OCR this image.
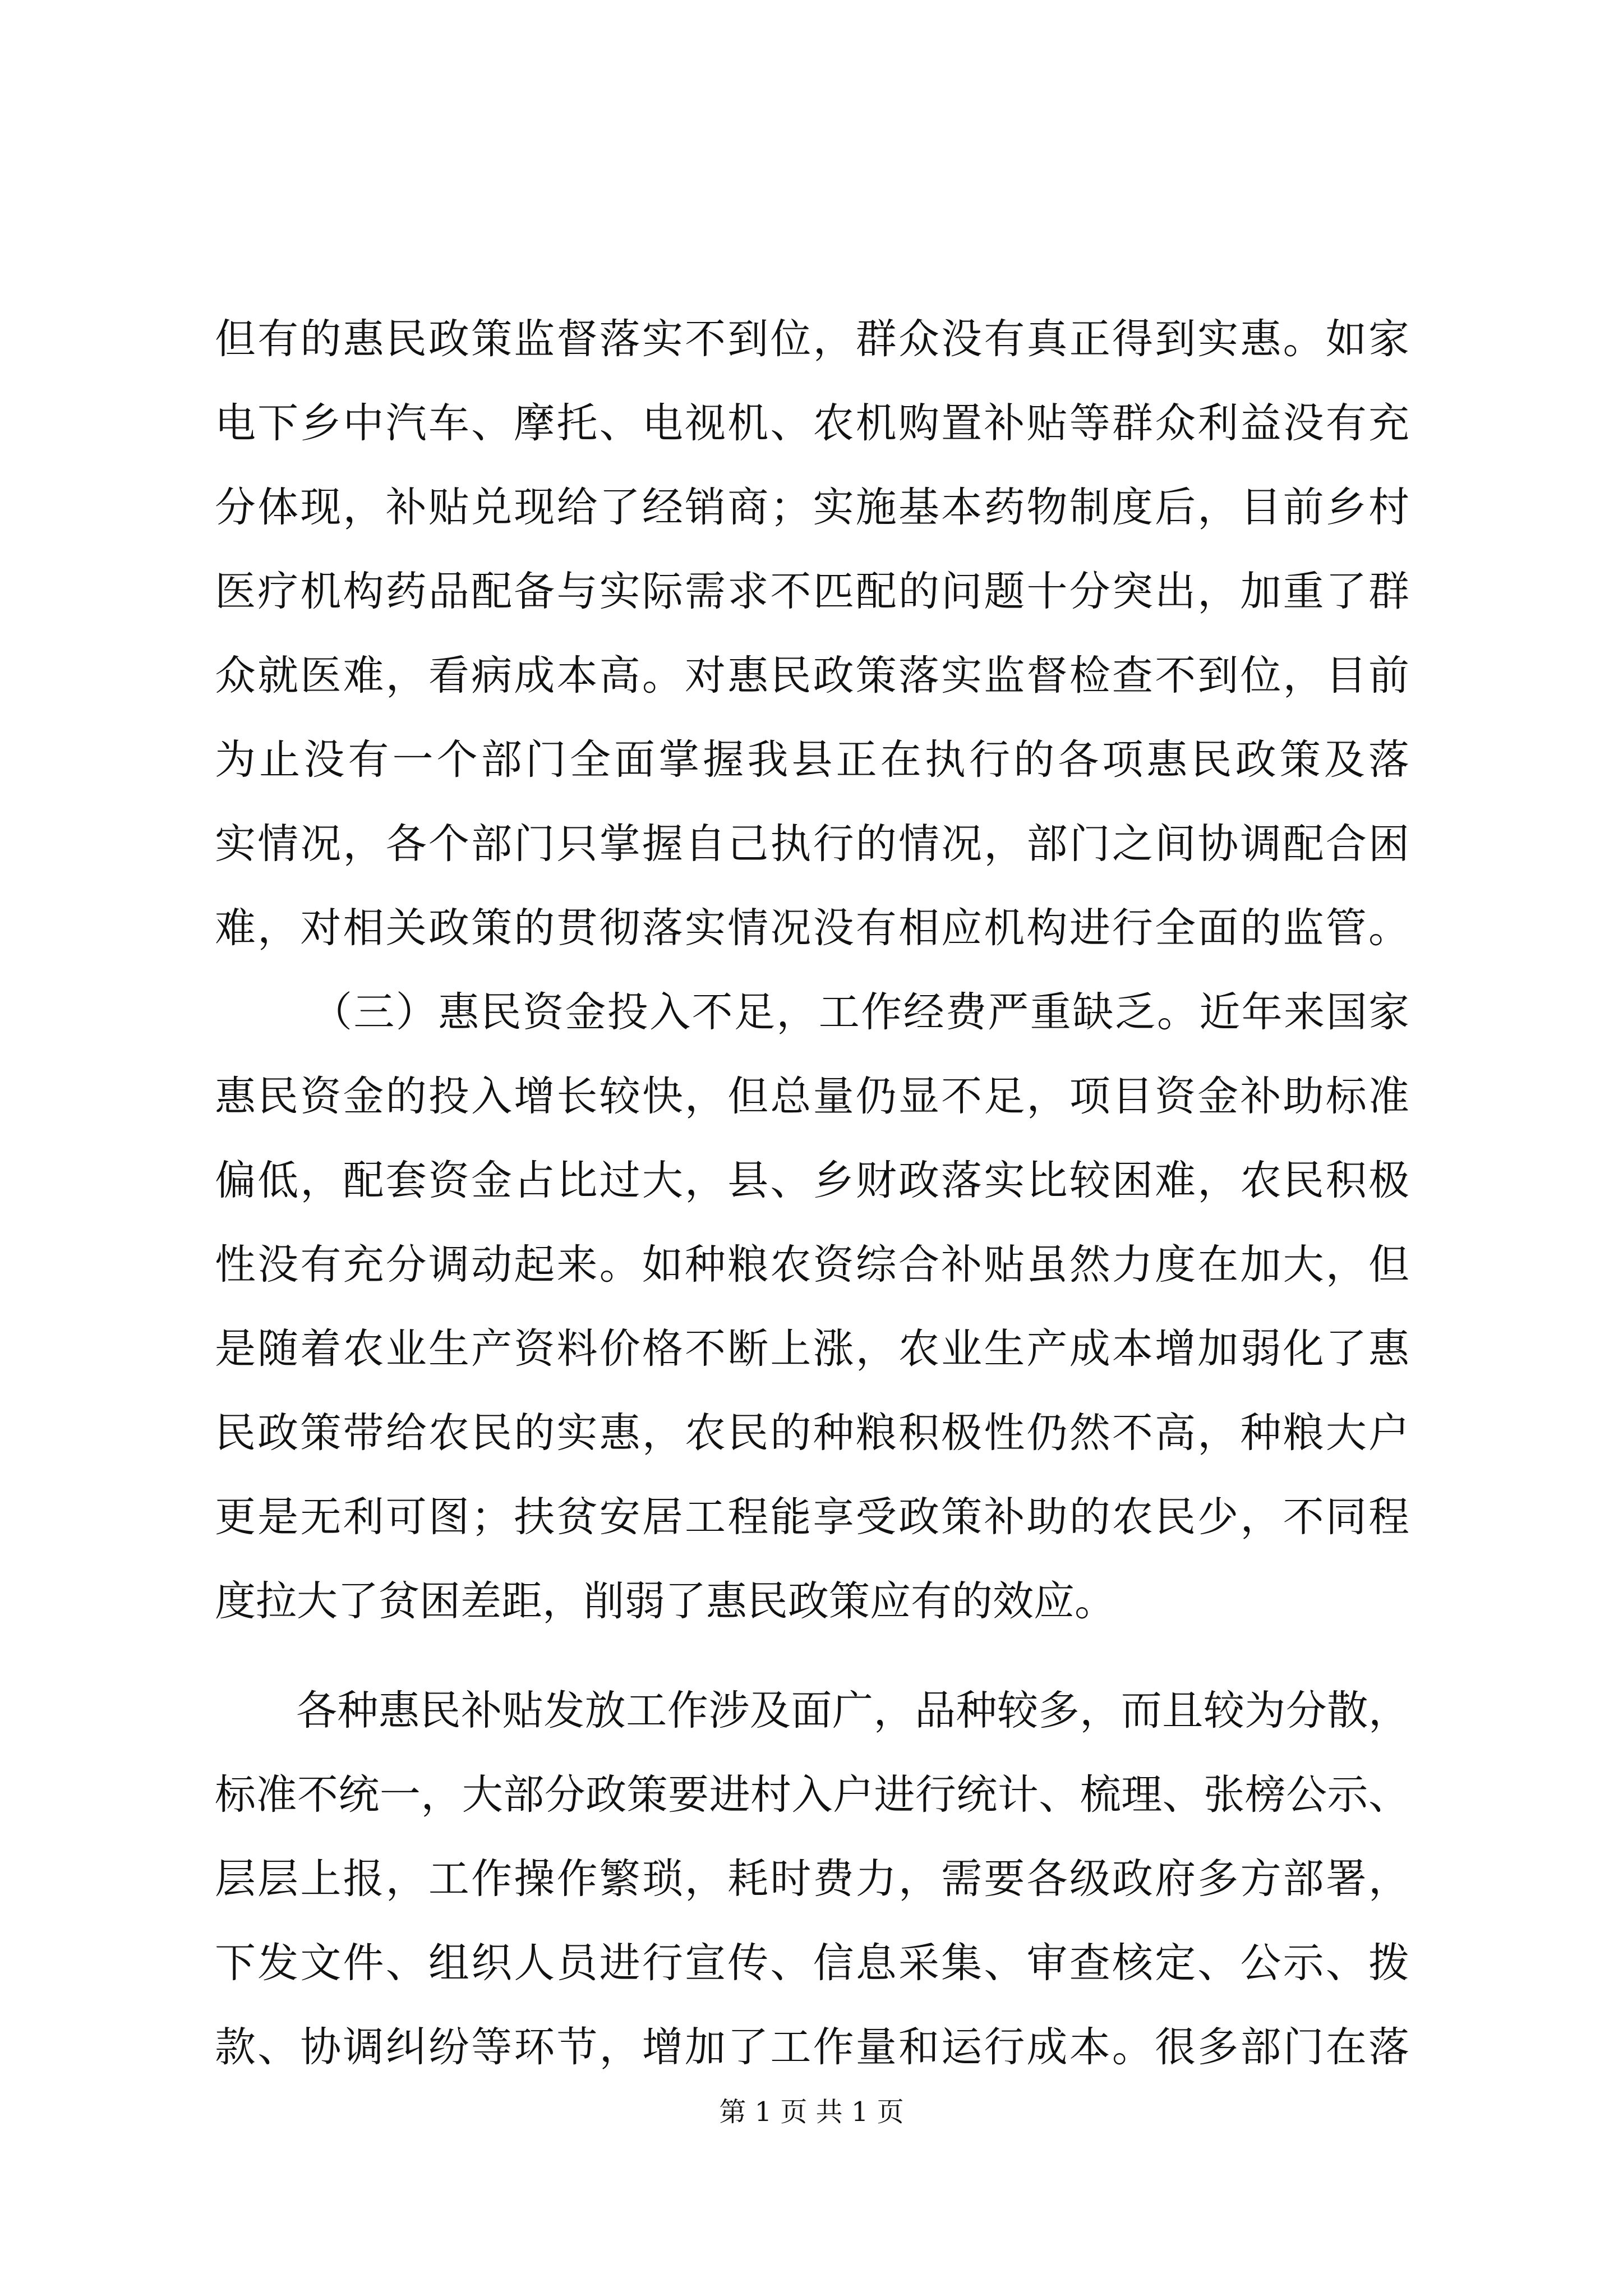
但有的惠民政策监督落实不到位，群众没有真正得到实惠。如家
电下乡中汽车、摩托、电视机、农机购置补贴等群众利益没有充
分体现，补贴兑现给了经销商；实施基本药物制度后，目前乡村
医疗机构药品配备与实际需求不匹配的问题十分突出，加重了群
众就医难，看病成本高。对惠民政策落实监督检查不到位，目前
为止没有一个部门全面掌握我县正在执行的各项惠民政策及落
实情况，各个部门只掌握自己执行的情况，部门之间协调配合困
难，对相关政策的贯彻落实情况没有相应机构进行全面的监管。
（三）惠民资金投入不足，工作经费严重缺乏。近年来国家
惠民资金的投入增长较快，但总量仍显不足，项目资金补助标准
偏低，配套资金占比过大，县、乡财政落实比较困难，农民积极
性没有充分调动起来。如种粮农资综合补贴虽然力度在加大，但
是随着农业生产资料价格不断上涨，农业生产成本增加弱化了惠
民政策带给农民的实惠，农民的种粮积极性仍然不高，种粮大户
更是无利可图；扶贫安居工程能享受政策补助的农民少，不同程
度拉大了贫困差距，削弱了惠民政策应有的效应。
各种惠民补贴发放工作涉及面广，品种较多，而且较为分散，
标准不统一，大部分政策要进村入户进行统计、梳理、张榜公示、
层层上报，工作操作繁琐，耗时费力，需要各级政府多方部署，
下发文件、组织人员进行宣传、信息采集、审查核定、公示、拨
款、协调纠纷等环节，增加了工作量和运行成本。很多部门在落
第 1 页 共 1 页
